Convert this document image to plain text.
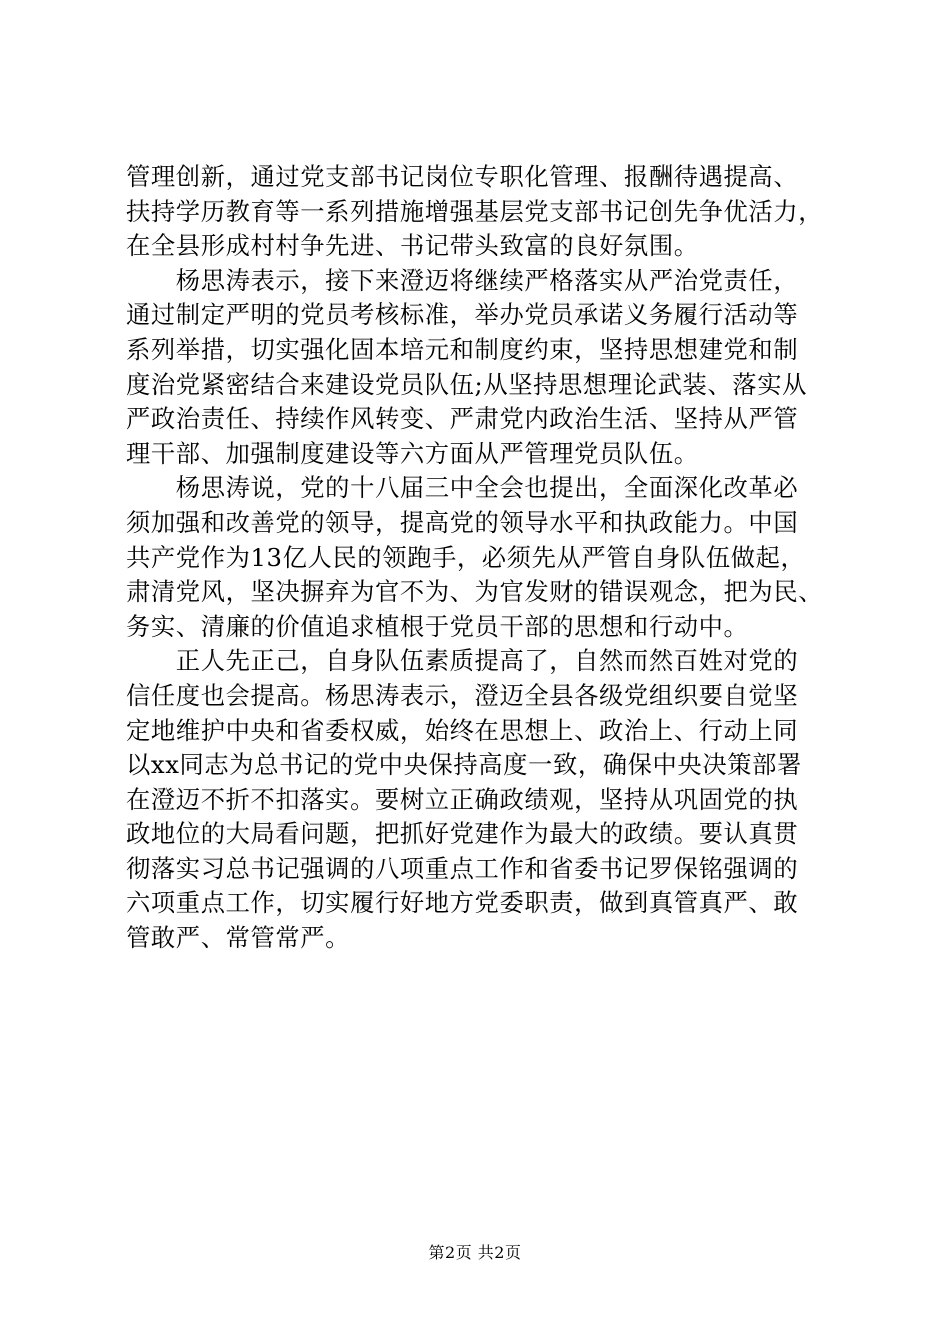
管理创新，通过党支部书记岗位专职化管理、报酬待遇提高、
扶持学历教育等一系列措施增强基层党支部书记创先争优活力，
在全县形成村村争先进、书记带头致富的良好氛围。
　　杨思涛表示，接下来澄迈将继续严格落实从严治党责任，
通过制定严明的党员考核标准，举办党员承诺义务履行活动等
系列举措，切实强化固本培元和制度约束，坚持思想建党和制
度治党紧密结合来建设党员队伍;从坚持思想理论武装、落实从
严政治责任、持续作风转变、严肃党内政治生活、坚持从严管
理干部、加强制度建设等六方面从严管理党员队伍。
　　杨思涛说，党的十八届三中全会也提出，全面深化改革必
须加强和改善党的领导，提高党的领导水平和执政能力。中国
共产党作为13亿人民的领跑手，必须先从严管自身队伍做起，
肃清党风，坚决摒弃为官不为、为官发财的错误观念，把为民、
务实、清廉的价值追求植根于党员干部的思想和行动中。
　　正人先正己，自身队伍素质提高了，自然而然百姓对党的
信任度也会提高。杨思涛表示，澄迈全县各级党组织要自觉坚
定地维护中央和省委权威，始终在思想上、政治上、行动上同
以xx同志为总书记的党中央保持高度一致，确保中央决策部署
在澄迈不折不扣落实。要树立正确政绩观，坚持从巩固党的执
政地位的大局看问题，把抓好党建作为最大的政绩。要认真贯
彻落实习总书记强调的八项重点工作和省委书记罗保铭强调的
六项重点工作，切实履行好地方党委职责，做到真管真严、敢
管敢严、常管常严。
第2页 共2页
